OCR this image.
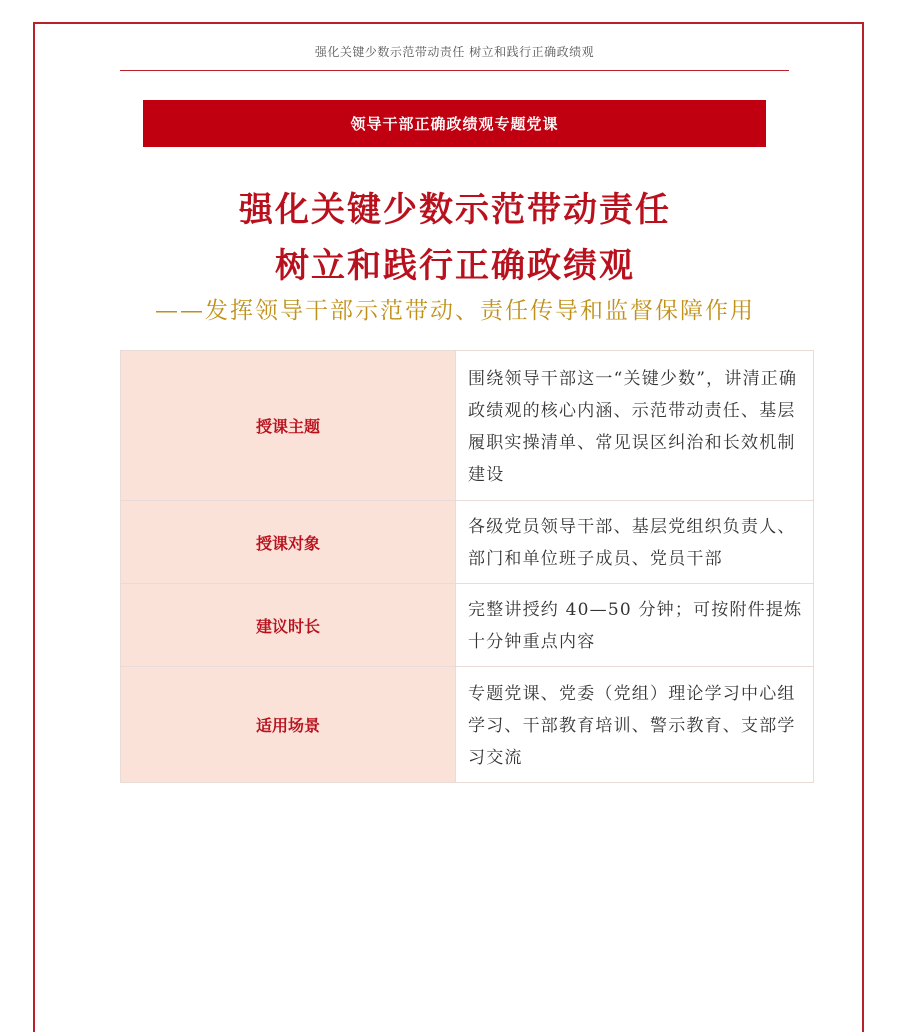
强化关键少数示范带动责任 树立和践行正确政绩观
领导干部正确政绩观专题党课
强化关键少数示范带动责任
树立和践行正确政绩观
——发挥领导干部示范带动、责任传导和监督保障作用
授课主题	围绕领导干部这一“关键少数”，讲清正确政绩观的核心内涵、示范带动责任、基层履职实操清单、常见误区纠治和长效机制建设
授课对象	各级党员领导干部、基层党组织负责人、部门和单位班子成员、党员干部
建议时长	完整讲授约 40—50 分钟；可按附件提炼十分钟重点内容
适用场景	专题党课、党委（党组）理论学习中心组学习、干部教育培训、警示教育、支部学习交流
